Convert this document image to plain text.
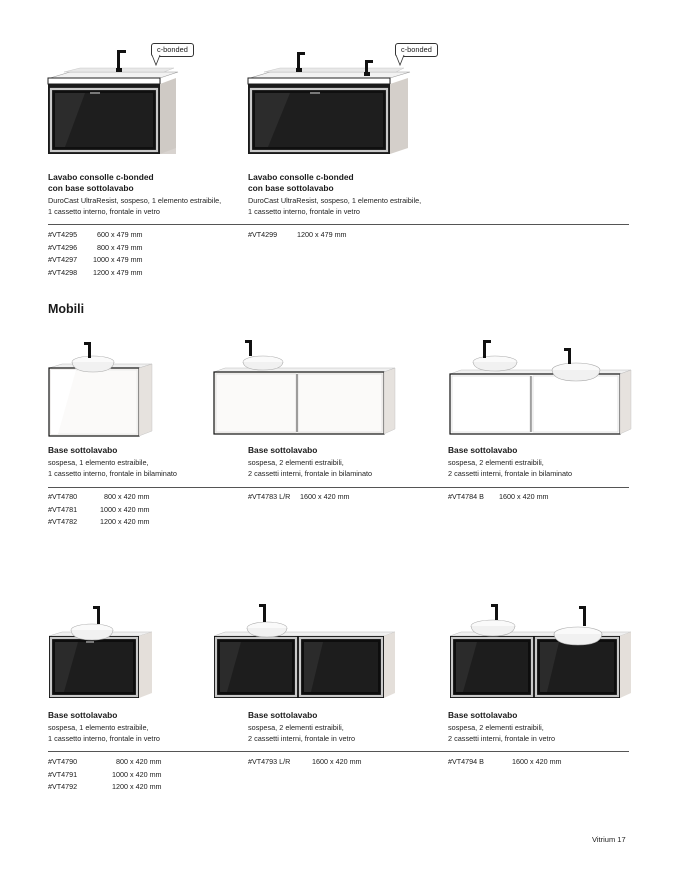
c-bonded	c-bonded
Lavabo consolle c-bonded
con base sottolavabo
DuroCast UltraResist, sospeso, 1 elemento estraibile,
1 cassetto interno, frontale in vetro
Lavabo consolle c-bonded
con base sottolavabo
DuroCast UltraResist, sospeso, 1 elemento estraibile,
1 cassetto interno, frontale in vetro
#VT4295	600 x 479 mm
#VT4296	800 x 479 mm
#VT4297	1000 x 479 mm
#VT4298	1200 x 479 mm
#VT4299	1200 x 479 mm
Mobili
Base sottolavabo
sospesa, 1 elemento estraibile,
1 cassetto interno, frontale in bilaminato
Base sottolavabo
sospesa, 2 elementi estraibili,
2 cassetti interni, frontale in bilaminato
Base sottolavabo
sospesa, 2 elementi estraibili,
2 cassetti interni, frontale in bilaminato
#VT4780	800 x 420 mm
#VT4781	1000 x 420 mm
#VT4782	1200 x 420 mm
#VT4783 L/R	1600 x 420 mm	#VT4784 B	1600 x 420 mm
Base sottolavabo
sospesa, 1 elemento estraibile,
1 cassetto interno, frontale in vetro
Base sottolavabo
sospesa, 2 elementi estraibili,
2 cassetti interni, frontale in vetro
Base sottolavabo
sospesa, 2 elementi estraibili,
2 cassetti interni, frontale in vetro
#VT4790	800 x 420 mm
#VT4791	1000 x 420 mm
#VT4792	1200 x 420 mm
#VT4793 L/R	1600 x 420 mm	#VT4794 B	1600 x 420 mm
Vitrium 17
